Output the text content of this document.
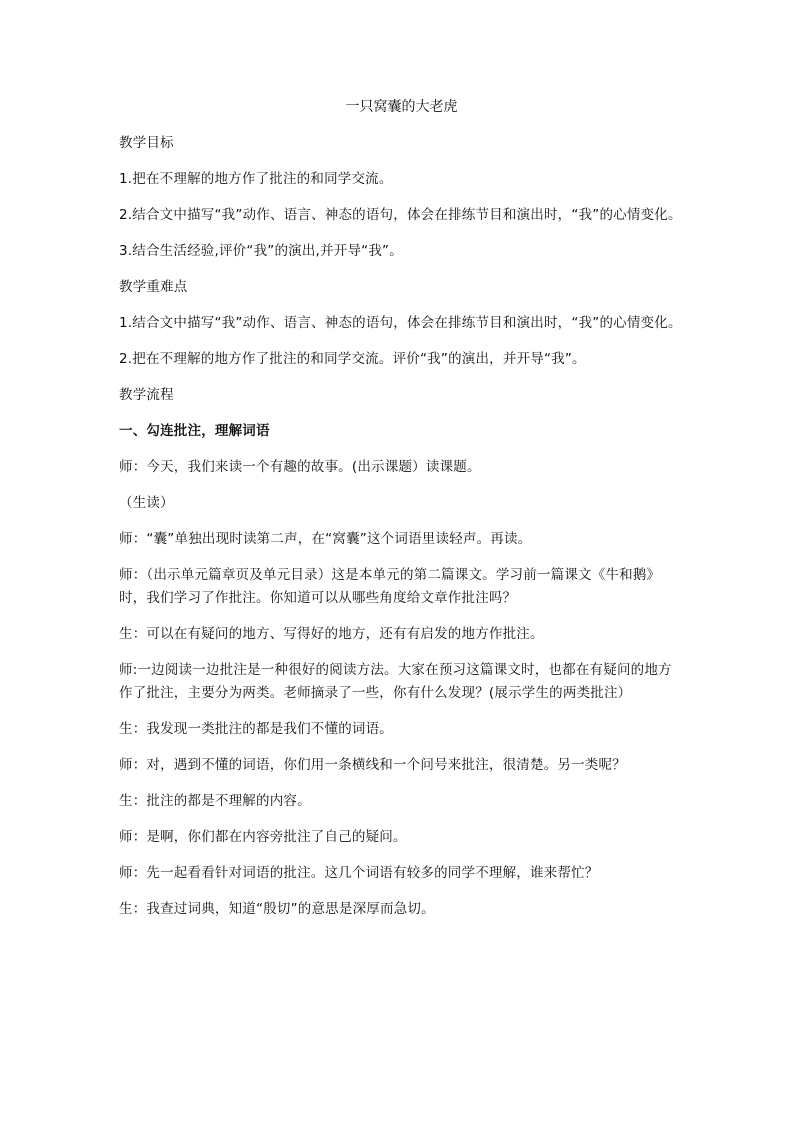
一只窝囊的大老虎

教学目标

1.把在不理解的地方作了批注的和同学交流。

2.结合文中描写“我”动作、语言、神态的语句，体会在排练节目和演出时，“我”的心情变化。

3.结合生活经验,评价“我”的演出,并开导“我”。

教学重难点

1.结合文中描写“我”动作、语言、神态的语句，体会在排练节目和演出时，“我”的心情变化。

2.把在不理解的地方作了批注的和同学交流。评价“我”的演出，并开导“我”。

教学流程

一、勾连批注，理解词语

师：今天，我们来读一个有趣的故事。(出示课题）读课题。

（生读）

师：“囊”单独出现时读第二声，在“窝囊”这个词语里读轻声。再读。

师：（出示单元篇章页及单元目录）这是本单元的第二篇课文。学习前一篇课文《牛和鹅》时，我们学习了作批注。你知道可以从哪些角度给文章作批注吗？

生：可以在有疑问的地方、写得好的地方，还有有启发的地方作批注。

师:一边阅读一边批注是一种很好的阅读方法。大家在预习这篇课文时，也都在有疑问的地方作了批注，主要分为两类。老师摘录了一些，你有什么发现？(展示学生的两类批注）

生：我发现一类批注的都是我们不懂的词语。

师：对，遇到不懂的词语，你们用一条横线和一个问号来批注，很清楚。另一类呢？

生：批注的都是不理解的内容。

师：是啊，你们都在内容旁批注了自己的疑问。

师：先一起看看针对词语的批注。这几个词语有较多的同学不理解，谁来帮忙？

生：我查过词典，知道“殷切”的意思是深厚而急切。
